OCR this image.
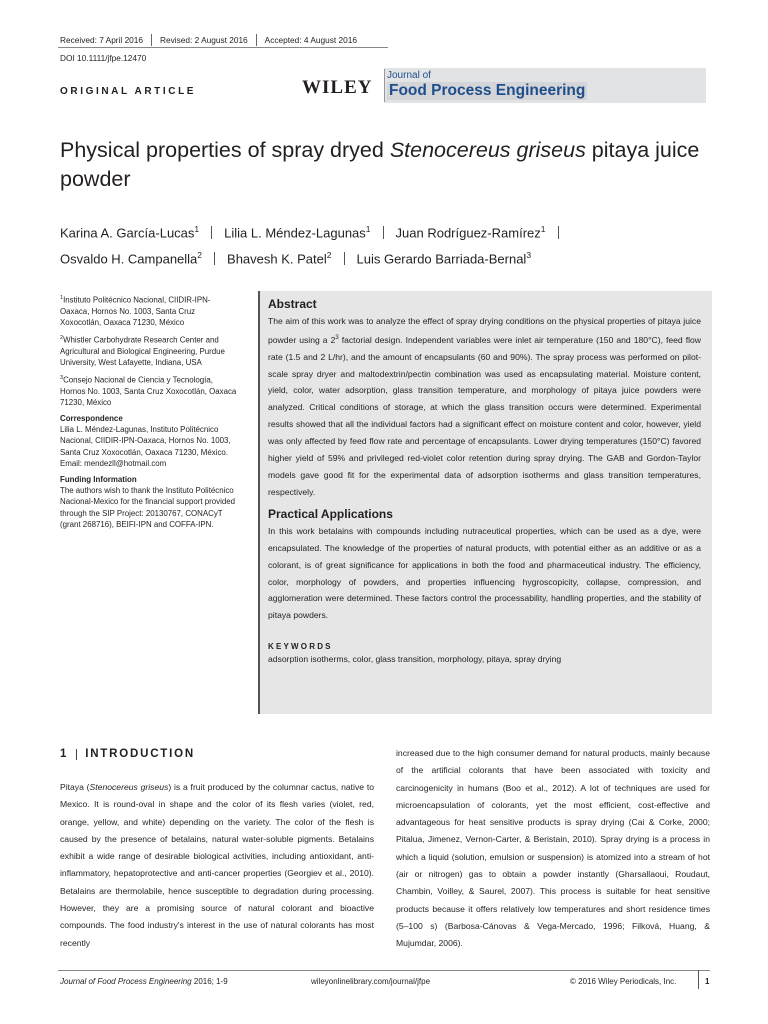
Received: 7 April 2016 Revised: 2 August 2016 Accepted: 4 August 2016
DOI 10.1111/jfpe.12470
ORIGINAL ARTICLE	WILEY
Journal of
Food Process Engineering
Physical properties of spray dryed Stenocereus griseus pitaya juice powder
Karina A. García-Lucas$^1$ Lilia L. Méndez-Lagunas$^1$ Juan Rodríguez-Ramírez$^1$
Osvaldo H. Campanella$^2$ Bhavesh K. Patel$^2$ Luis Gerardo Barriada-Bernal$^3$

$^1$Instituto Politécnico Nacional, CIIDIR-IPN-Oaxaca, Hornos No. 1003, Santa Cruz Xoxocotlán, Oaxaca 71230, México

$^2$Whistler Carbohydrate Research Center and Agricultural and Biological Engineering, Purdue University, West Lafayette, Indiana, USA

$^3$Consejo Nacional de Ciencia y Tecnología, Hornos No. 1003, Santa Cruz Xoxocotlán, Oaxaca 71230, México

Correspondence

Lilia L. Méndez-Lagunas, Instituto Politécnico Nacional, CIIDIR-IPN-Oaxaca, Hornos No. 1003, Santa Cruz Xoxocotlán, Oaxaca 71230, México.

Email: mendezll@hotmail.com

Funding Information

The authors wish to thank the Instituto Politécnico Nacional-Mexico for the financial support provided through the SIP Project: 20130767, CONACyT (grant 268716), BEIFI-IPN and COFFA-IPN.

Abstract

The aim of this work was to analyze the effect of spray drying conditions on the physical properties of pitaya juice powder using a $2^3$ factorial design. Independent variables were inlet air temperature (150 and 180°C), feed flow rate (1.5 and 2 L/hr), and the amount of encapsulants (60 and 90%). The spray process was performed on pilot-scale spray dryer and maltodextrin/pectin combination was used as encapsulating material. Moisture content, yield, color, water adsorption, glass transition temperature, and morphology of pitaya juice powders were analyzed. Critical conditions of storage, at which the glass transition occurs were determined. Experimental results showed that all the individual factors had a significant effect on moisture content and color, however, yield was only affected by feed flow rate and percentage of encapsulants. Lower drying temperatures (150°C) favored higher yield of 59% and privileged red-violet color retention during spray drying. The GAB and Gordon-Taylor models gave good fit for the experimental data of adsorption isotherms and glass transition temperatures, respectively.

Practical Applications

In this work betalains with compounds including nutraceutical properties, which can be used as a dye, were encapsulated. The knowledge of the properties of natural products, with potential either as an additive or as a colorant, is of great significance for applications in both the food and pharmaceutical industry. The efficiency, color, morphology of powders, and properties influencing hygroscopicity, collapse, compression, and agglomeration were determined. These factors control the processability, handling properties, and the stability of pitaya powders.

KEYWORDS

adsorption isotherms, color, glass transition, morphology, pitaya, spray drying

1 INTRODUCTION

Pitaya (Stenocereus griseus) is a fruit produced by the columnar cactus, native to Mexico. It is round-oval in shape and the color of its flesh varies (violet, red, orange, yellow, and white) depending on the variety. The color of the flesh is caused by the presence of betalains, natural water-soluble pigments. Betalains exhibit a wide range of desirable biological activities, including antioxidant, anti-inflammatory, hepatoprotective and anti-cancer properties (Georgiev et al., 2010). Betalains are thermolabile, hence susceptible to degradation during processing. However, they are a promising source of natural colorant and bioactive compounds. The food industry's interest in the use of natural colorants has most recently

increased due to the high consumer demand for natural products, mainly because of the artificial colorants that have been associated with toxicity and carcinogenicity in humans (Boo et al., 2012). A lot of techniques are used for microencapsulation of colorants, yet the most efficient, cost-effective and advantageous for heat sensitive products is spray drying (Cai & Corke, 2000; Pitalua, Jimenez, Vernon-Carter, & Beristain, 2010). Spray drying is a process in which a liquid (solution, emulsion or suspension) is atomized into a stream of hot (air or nitrogen) gas to obtain a powder instantly (Gharsallaoui, Roudaut, Chambin, Voilley, & Saurel, 2007). This process is suitable for heat sensitive products because it offers relatively low temperatures and short residence times (5–100 s) (Barbosa-Cánovas & Vega-Mercado, 1996; Filková, Huang, & Mujumdar, 2006).

Journal of Food Process Engineering 2016; 1-9	wileyonlinelibrary.com/journal/jfpe	© 2016 Wiley Periodicals, Inc.	1
